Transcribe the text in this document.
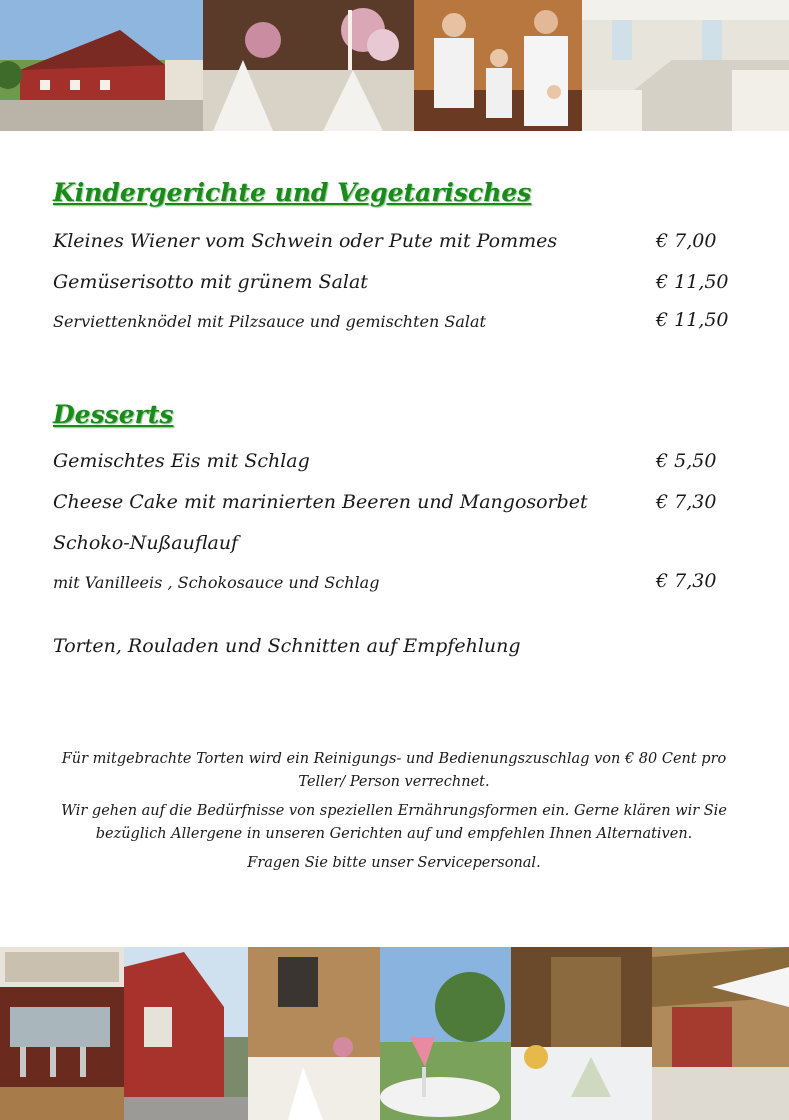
Kindergerichte und Vegetarisches
Kleines Wiener vom Schwein oder Pute mit Pommes	€ 7,00
Gemüserisotto mit grünem Salat	€ 11,50
Serviettenknödel mit Pilzsauce und gemischten Salat	€ 11,50
Desserts
Gemischtes Eis mit Schlag	€ 5,50
Cheese Cake mit marinierten Beeren und Mangosorbet	€ 7,30
Schoko-Nußauflauf
mit Vanilleeis , Schokosauce und Schlag	€ 7,30
Torten, Rouladen und Schnitten auf Empfehlung

Für mitgebrachte Torten wird ein Reinigungs- und Bedienungszuschlag von € 80 Cent pro Teller/ Person verrechnet.

Wir gehen auf die Bedürfnisse von speziellen Ernährungsformen ein. Gerne klären wir Sie bezüglich Allergene in unseren Gerichten auf und empfehlen Ihnen Alternativen.

Fragen Sie bitte unser Servicepersonal.
